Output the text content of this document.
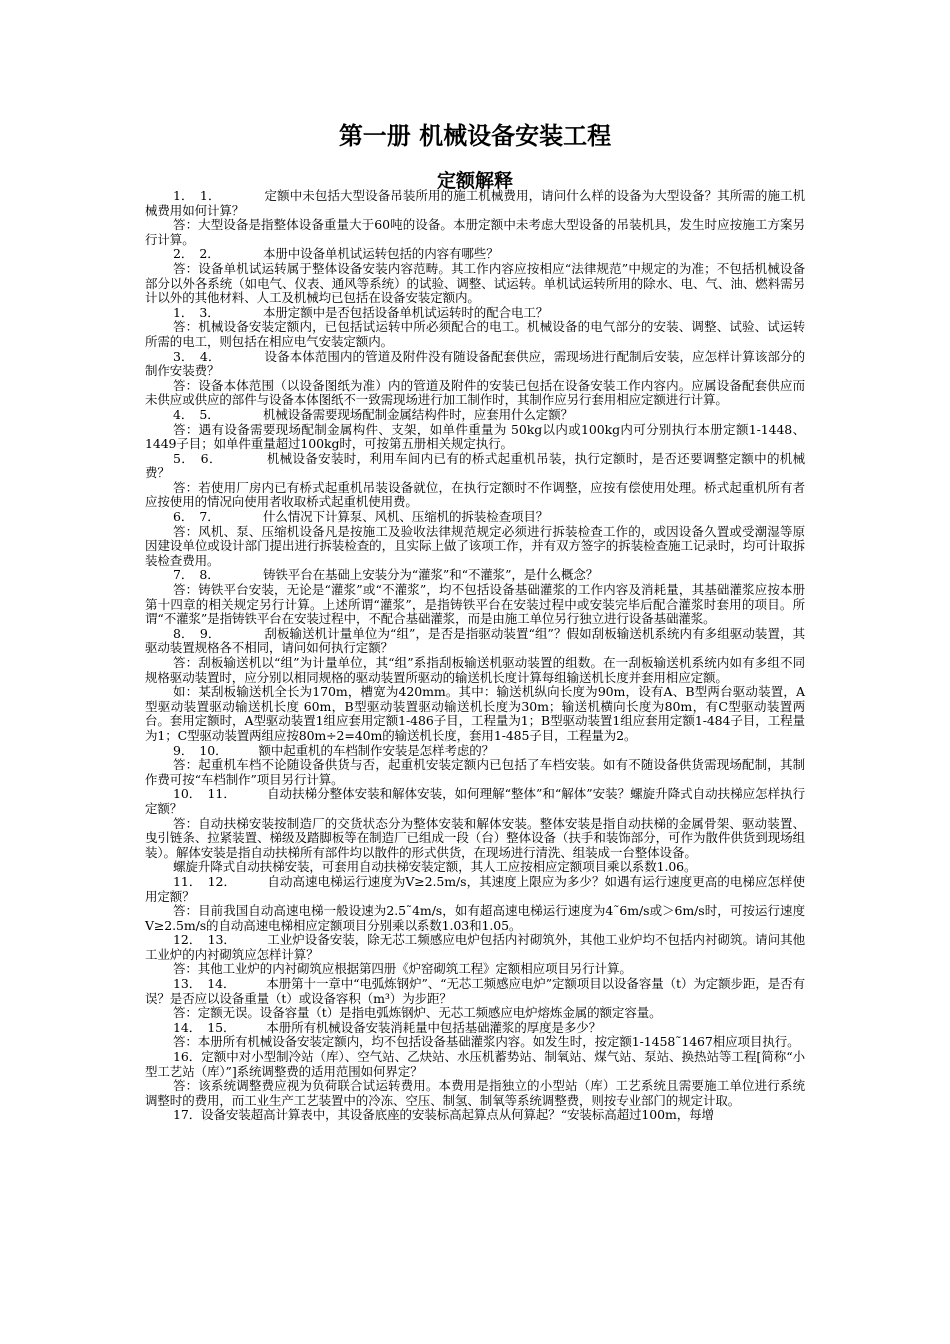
第一册 机械设备安装工程
定额解释

1．　1．　　　　定额中未包括大型设备吊装所用的施工机械费用，请问什么样的设备为大型设备？其所需的施工机械费用如何计算？

答：大型设备是指整体设备重量大于60吨的设备。本册定额中未考虑大型设备的吊装机具，发生时应按施工方案另行计算。

2．　2．　　　　本册中设备单机试运转包括的内容有哪些？

答：设备单机试运转属于整体设备安装内容范畴。其工作内容应按相应“法律规范”中规定的为准；不包括机械设备部分以外各系统（如电气、仪表、通风等系统）的试验、调整、试运转。单机试运转所用的除水、电、气、油、燃料需另计以外的其他材料、人工及机械均已包括在设备安装定额内。

1．　3．　　　　本册定额中是否包括设备单机试运转时的配合电工？

答：机械设备安装定额内，已包括试运转中所必须配合的电工。机械设备的电气部分的安装、调整、试验、试运转所需的电工，则包括在相应电气安装定额内。

3．　4．　　　　设备本体范围内的管道及附件没有随设备配套供应，需现场进行配制后安装，应怎样计算该部分的制作安装费？

答：设备本体范围（以设备图纸为准）内的管道及附件的安装已包括在设备安装工作内容内。应属设备配套供应而未供应或供应的部件与设备本体图纸不一致需现场进行加工制作时，其制作应另行套用相应定额进行计算。

4．　5．　　　　机械设备需要现场配制金属结构件时，应套用什么定额？

答：遇有设备需要现场配制金属构件、支架，如单件重量为 50kg以内或100kg内可分别执行本册定额1-1448、1449子目；如单件重量超过100kg时，可按第五册相关规定执行。

5．　6．　　　　机械设备安装时，利用车间内已有的桥式起重机吊装，执行定额时，是否还要调整定额中的机械费？

答：若使用厂房内已有桥式起重机吊装设备就位，在执行定额时不作调整，应按有偿使用处理。桥式起重机所有者应按使用的情况向使用者收取桥式起重机使用费。

6．　7．　　　　什么情况下计算泵、风机、压缩机的拆装检查项目？

答：风机、泵、压缩机设备凡是按施工及验收法律规范规定必须进行拆装检查工作的，或因设备久置或受潮湿等原因建设单位或设计部门提出进行拆装检查的，且实际上做了该项工作，并有双方签字的拆装检查施工记录时，均可计取拆装检查费用。

7．　8．　　　　铸铁平台在基础上安装分为“灌浆”和“不灌浆”，是什么概念？

答：铸铁平台安装，无论是“灌浆”或“不灌浆”，均不包括设备基础灌浆的工作内容及消耗量，其基础灌浆应按本册第十四章的相关规定另行计算。上述所谓“灌浆”，是指铸铁平台在安装过程中或安装完毕后配合灌浆时套用的项目。所谓“不灌浆”是指铸铁平台在安装过程中，不配合基础灌浆，而是由施工单位另行独立进行设备基础灌浆。

8．　9．　　　　刮板输送机计量单位为“组”，是否是指驱动装置“组”？假如刮板输送机系统内有多组驱动装置，其驱动装置规格各不相同，请问如何执行定额？

答：刮板输送机以“组”为计量单位，其“组”系指刮板输送机驱动装置的组数。在一刮板输送机系统内如有多组不同规格驱动装置时，应分别以相同规格的驱动装置所驱动的输送机长度计算每组输送机长度并套用相应定额。

如：某刮板输送机全长为170m，槽宽为420mm。其中：输送机纵向长度为90m，设有A、B型两台驱动装置，A型驱动装置驱动输送机长度 60m，B型驱动装置驱动输送机长度为30m；输送机横向长度为80m，有C型驱动装置两台。套用定额时，A型驱动装置1组应套用定额1-486子目，工程量为1；B型驱动装置1组应套用定额1-484子目，工程量为1；C型驱动装置两组应按80m÷2=40m的输送机长度，套用1-485子目，工程量为2。

9．　10．　　　额中起重机的车档制作安装是怎样考虑的？

答：起重机车档不论随设备供货与否，起重机安装定额内已包括了车档安装。如有不随设备供货需现场配制，其制作费可按“车档制作”项目另行计算。

10．　11．　　　自动扶梯分整体安装和解体安装，如何理解“整体”和“解体”安装？螺旋升降式自动扶梯应怎样执行定额？

答：自动扶梯安装按制造厂的交货状态分为整体安装和解体安装。整体安装是指自动扶梯的金属骨架、驱动装置、曳引链条、拉紧装置、梯级及踏脚板等在制造厂已组成一段（台）整体设备（扶手和装饰部分，可作为散件供货到现场组装）。解体安装是指自动扶梯所有部件均以散件的形式供货，在现场进行清洗、组装成一台整体设备。

螺旋升降式自动扶梯安装，可套用自动扶梯安装定额，其人工应按相应定额项目乘以系数1.06。

11．　12．　　　自动高速电梯运行速度为V≥2.5m/s，其速度上限应为多少？如遇有运行速度更高的电梯应怎样使用定额？

答：目前我国自动高速电梯一般设速为2.5˜4m/s，如有超高速电梯运行速度为4˜6m/s或＞6m/s时，可按运行速度V≥2.5m/s的自动高速电梯相应定额项目分别乘以系数1.03和1.05。

12．　13．　　　工业炉设备安装，除无芯工频感应电炉包括内衬砌筑外，其他工业炉均不包括内衬砌筑。请问其他工业炉的内衬砌筑应怎样计算？

答：其他工业炉的内衬砌筑应根据第四册《炉窑砌筑工程》定额相应项目另行计算。

13．　14．　　　本册第十一章中“电弧炼钢炉”、“无芯工频感应电炉”定额项目以设备容量（t）为定额步距，是否有误？是否应以设备重量（t）或设备容积（m³）为步距？

答：定额无误。设备容量（t）是指电弧炼钢炉、无芯工频感应电炉熔炼金属的额定容量。

14．　15．　　　本册所有机械设备安装消耗量中包括基础灌浆的厚度是多少？

答：本册所有机械设备安装定额内，均不包括设备基础灌浆内容。如发生时，按定额1-1458˜1467相应项目执行。

16．定额中对小型制冷站（库）、空气站、乙炔站、水压机蓄势站、制氧站、煤气站、泵站、换热站等工程[简称“小型工艺站（库）”]系统调整费的适用范围如何界定？

答：该系统调整费应视为负荷联合试运转费用。本费用是指独立的小型站（库）工艺系统且需要施工单位进行系统调整时的费用，而工业生产工艺装置中的冷冻、空压、制氢、制氧等系统调整费，则按专业部门的规定计取。

17．设备安装超高计算表中，其设备底座的安装标高起算点从何算起？“安装标高超过100m，每增
